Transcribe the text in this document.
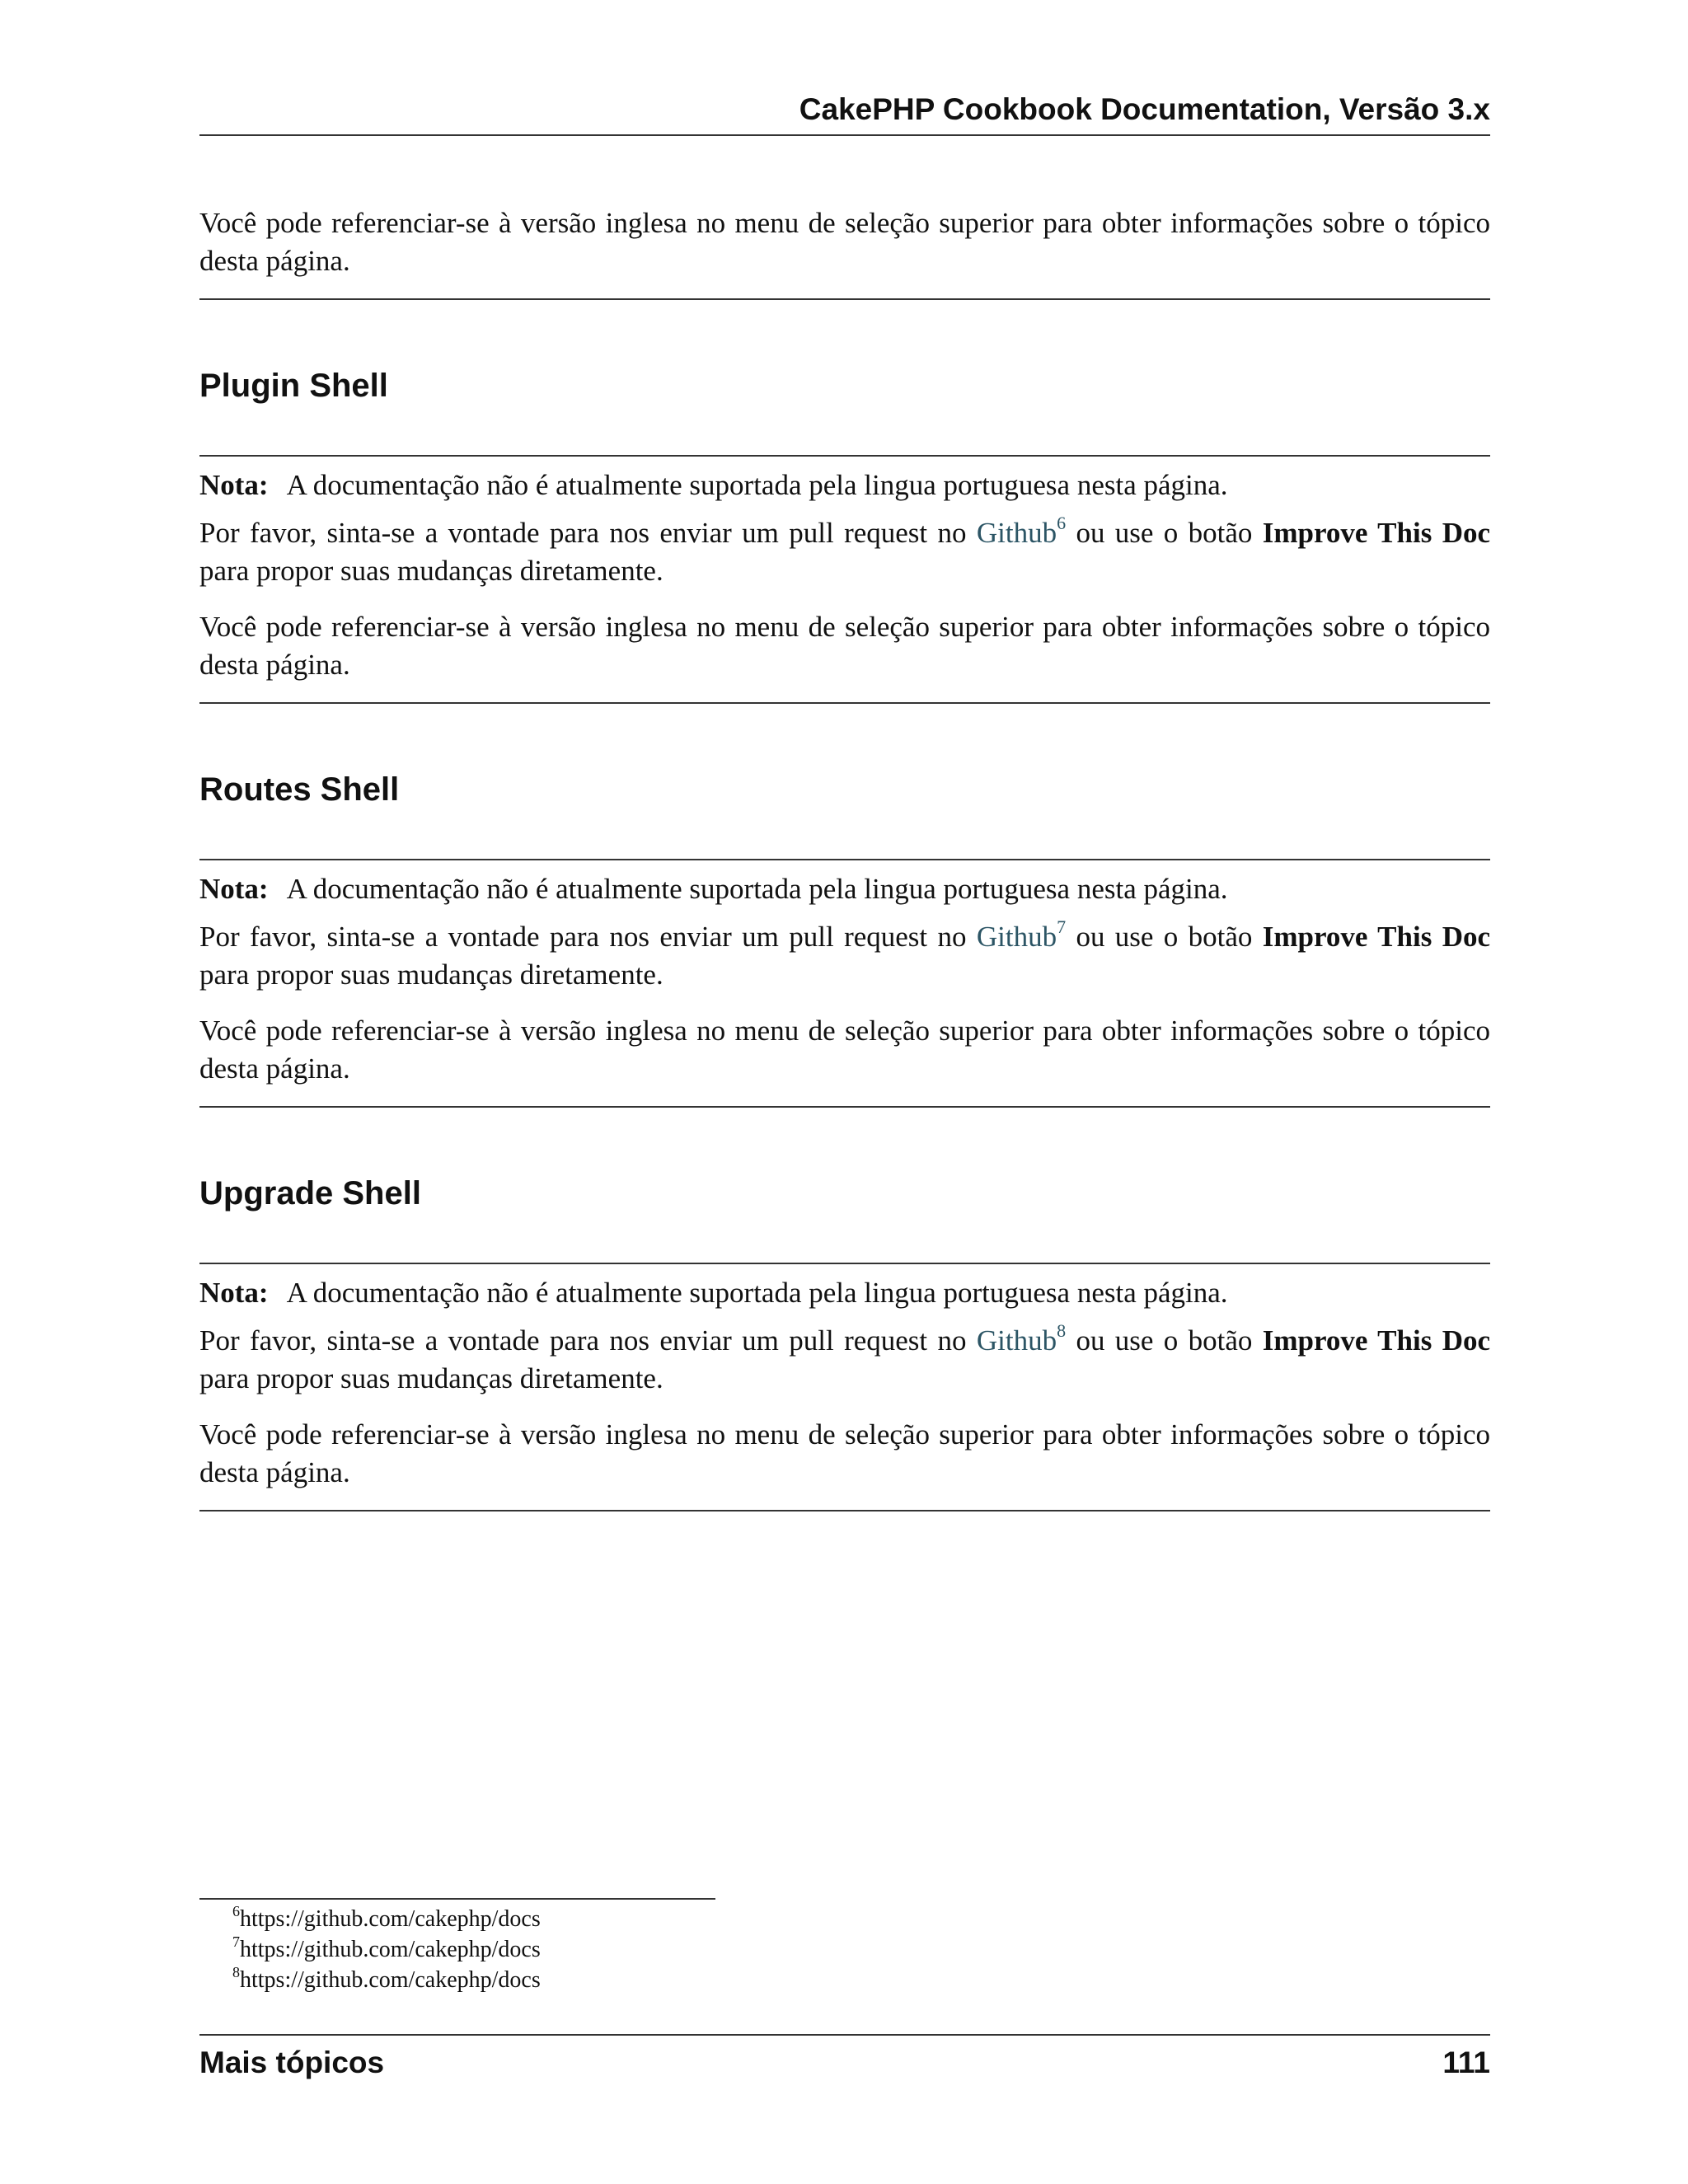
CakePHP Cookbook Documentation, Versão 3.x

Você pode referenciar-se à versão inglesa no menu de seleção superior para obter informações sobre o tópico desta página.

Plugin Shell

Nota: A documentação não é atualmente suportada pela lingua portuguesa nesta página.

Por favor, sinta-se a vontade para nos enviar um pull request no Github$^6$ ou use o botão Improve This Doc para propor suas mudanças diretamente.

Você pode referenciar-se à versão inglesa no menu de seleção superior para obter informações sobre o tópico desta página.

Routes Shell

Nota: A documentação não é atualmente suportada pela lingua portuguesa nesta página.

Por favor, sinta-se a vontade para nos enviar um pull request no Github$^7$ ou use o botão Improve This Doc para propor suas mudanças diretamente.

Você pode referenciar-se à versão inglesa no menu de seleção superior para obter informações sobre o tópico desta página.

Upgrade Shell

Nota: A documentação não é atualmente suportada pela lingua portuguesa nesta página.

Por favor, sinta-se a vontade para nos enviar um pull request no Github$^8$ ou use o botão Improve This Doc para propor suas mudanças diretamente.

Você pode referenciar-se à versão inglesa no menu de seleção superior para obter informações sobre o tópico desta página.

$^6$https://github.com/cakephp/docs
$^7$https://github.com/cakephp/docs
$^8$https://github.com/cakephp/docs
Mais tópicos	111
